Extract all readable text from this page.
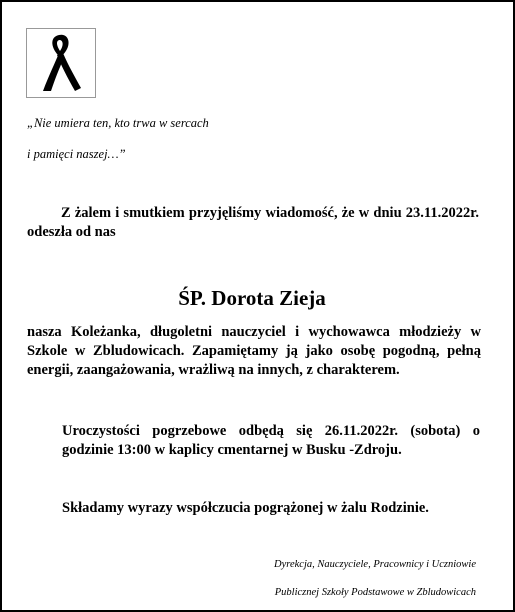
„Nie umiera ten, kto trwa w sercach
i pamięci naszej…”
Z żalem i smutkiem przyjęliśmy wiadomość, że w dniu 23.11.2022r. odeszła od nas
ŚP. Dorota Zieja
nasza Koleżanka, długoletni nauczyciel i wychowawca młodzieży w Szkole w Zbludowicach. Zapamiętamy ją jako osobę pogodną, pełną energii, zaangażowania, wrażliwą na innych, z charakterem.
Uroczystości pogrzebowe odbędą się 26.11.2022r. (sobota) o godzinie 13:00 w kaplicy cmentarnej w Busku -Zdroju.
Składamy wyrazy współczucia pogrążonej w żalu Rodzinie.
Dyrekcja, Nauczyciele, Pracownicy i Uczniowie
Publicznej Szkoły Podstawowe w Zbludowicach
